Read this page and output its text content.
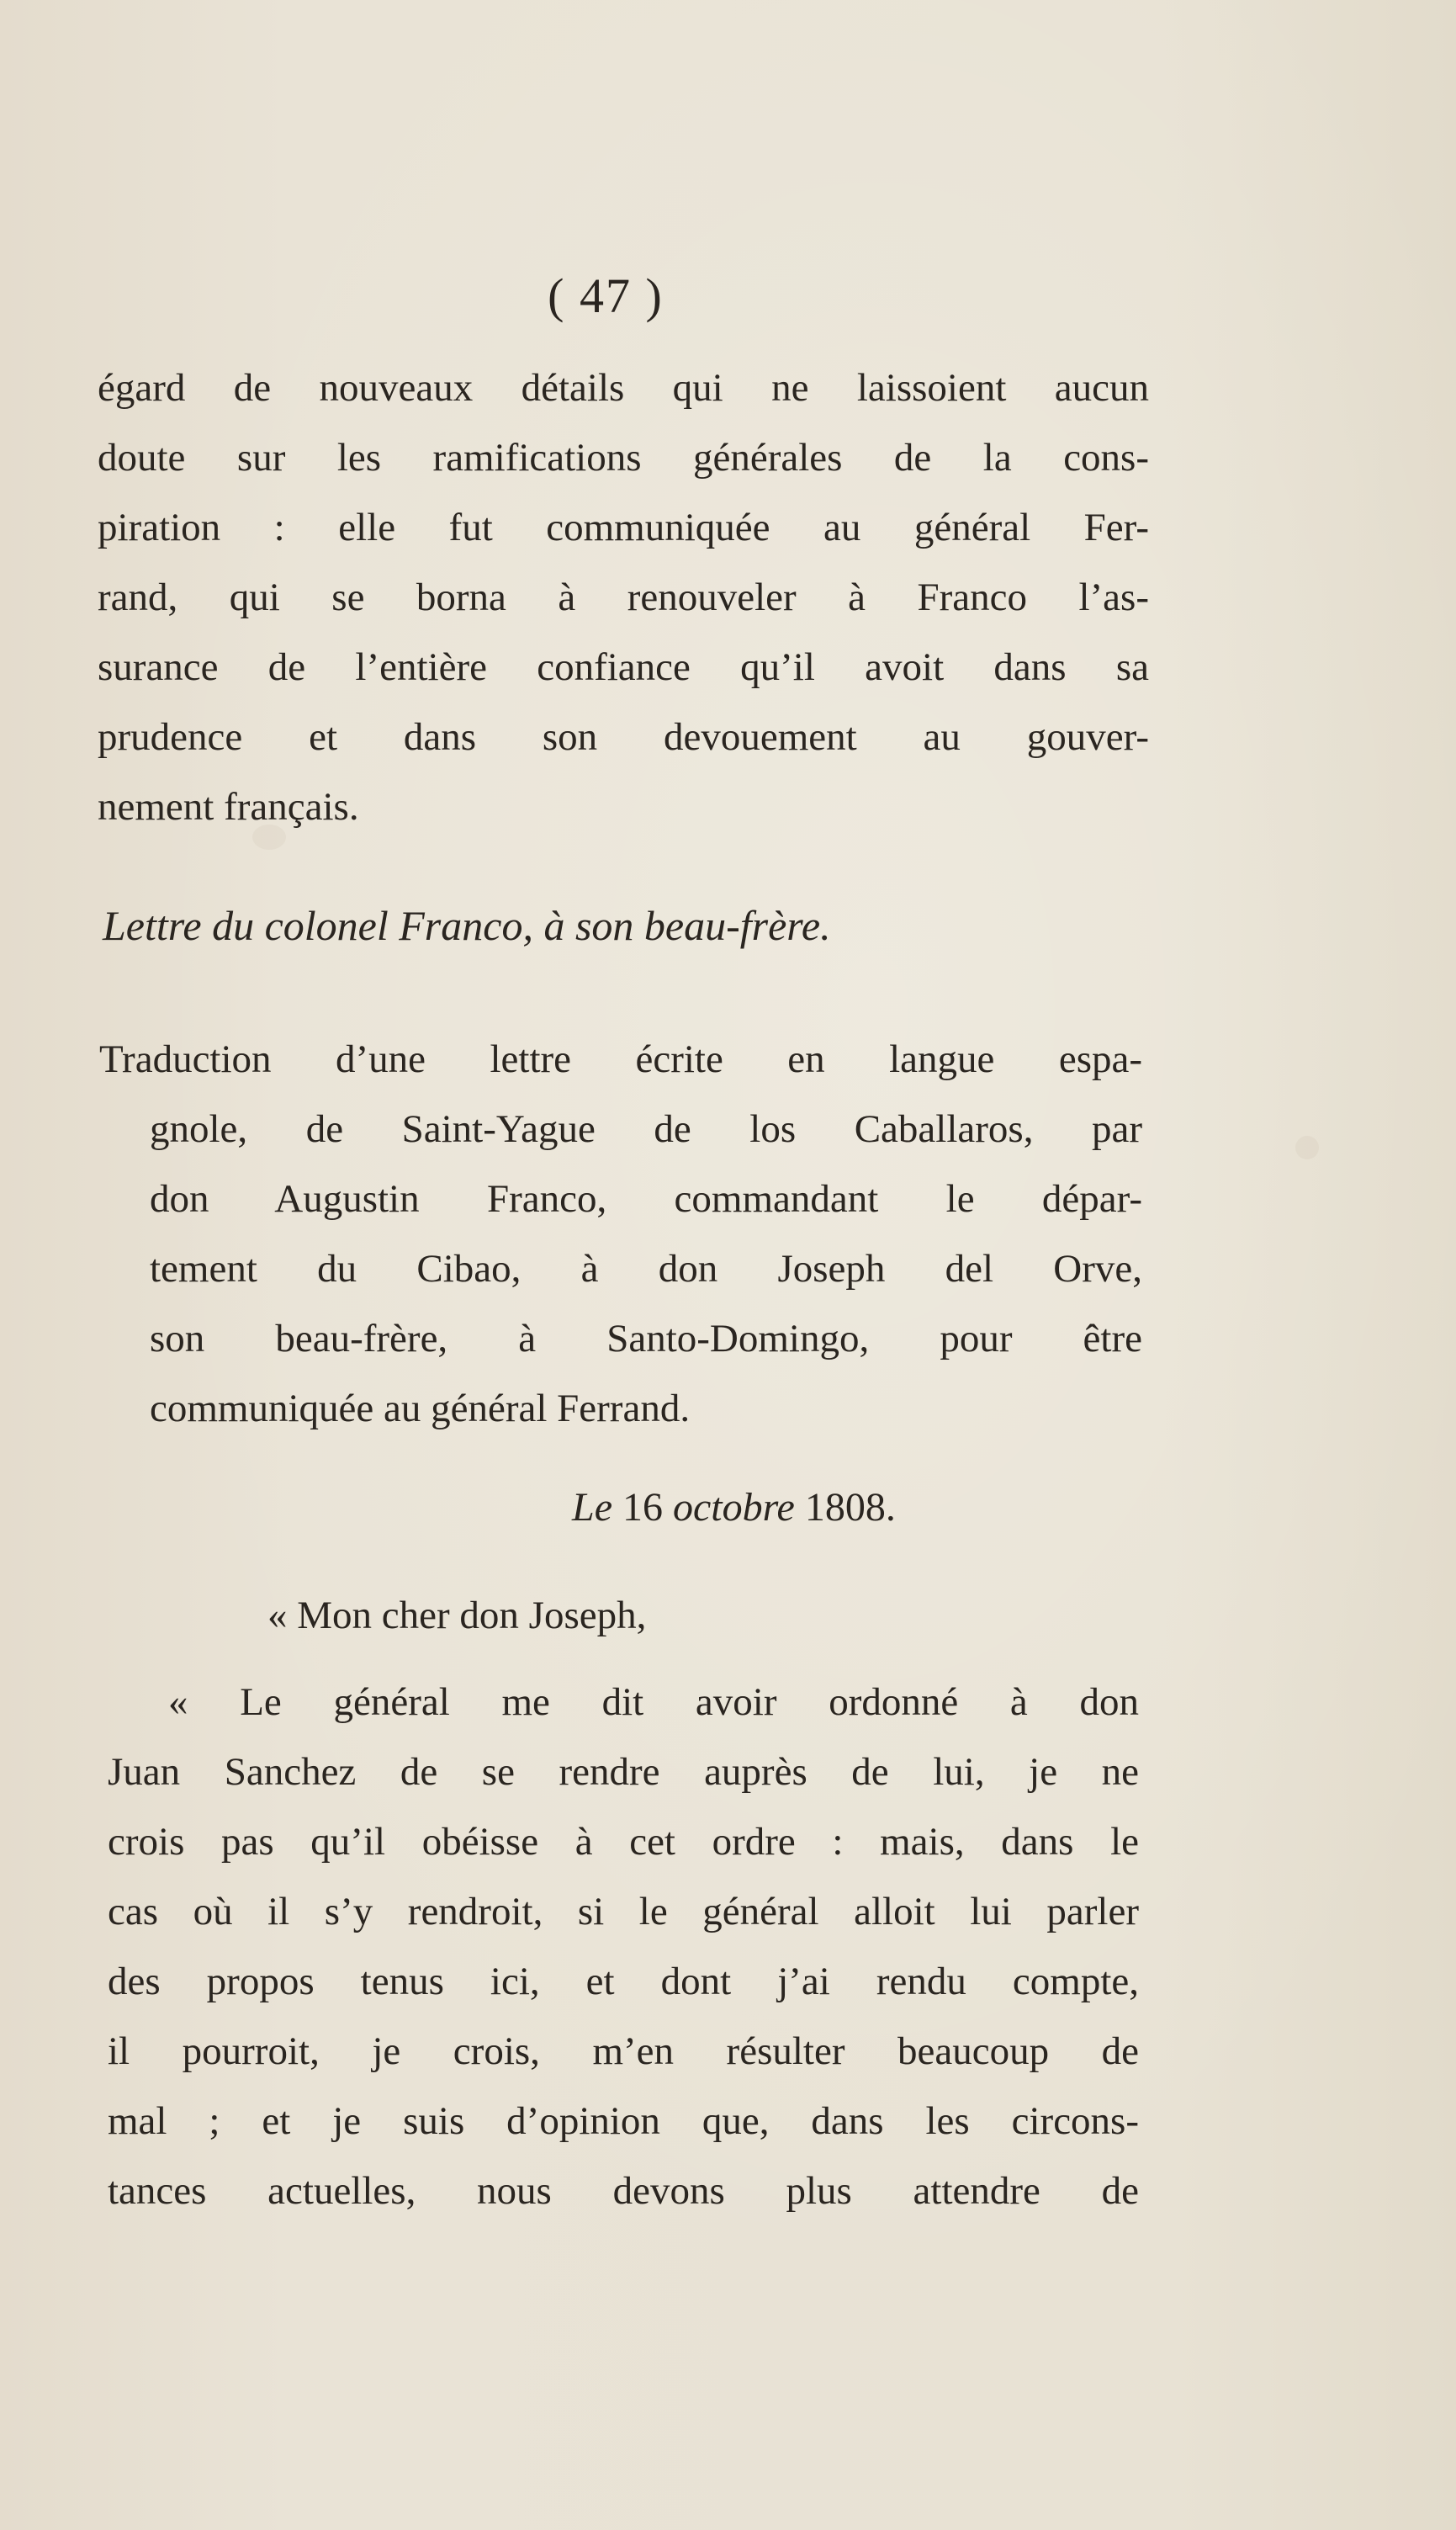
( 47 )
égard de nouveaux détails qui ne laissoient aucun
doute sur les ramifications générales de la cons-
piration : elle fut communiquée au général Fer-
rand, qui se borna à renouveler à Franco l’as-
surance de l’entière confiance qu’il avoit dans sa
prudence et dans son devouement au gouver-
nement français.
Lettre du colonel Franco, à son beau-frère.
Traduction d’une lettre écrite en langue espa-
gnole, de Saint-Yague de los Caballaros, par
don Augustin Franco, commandant le dépar-
tement du Cibao, à don Joseph del Orve,
son beau-frère, à Santo-Domingo, pour être
communiquée au général Ferrand.
Le 16 octobre 1808.
« Mon cher don Joseph,
« Le général me dit avoir ordonné à don
Juan Sanchez de se rendre auprès de lui, je ne
crois pas qu’il obéisse à cet ordre : mais, dans le
cas où il s’y rendroit, si le général alloit lui parler
des propos tenus ici, et dont j’ai rendu compte,
il pourroit, je crois, m’en résulter beaucoup de
mal ; et je suis d’opinion que, dans les circons-
tances actuelles, nous devons plus attendre de
